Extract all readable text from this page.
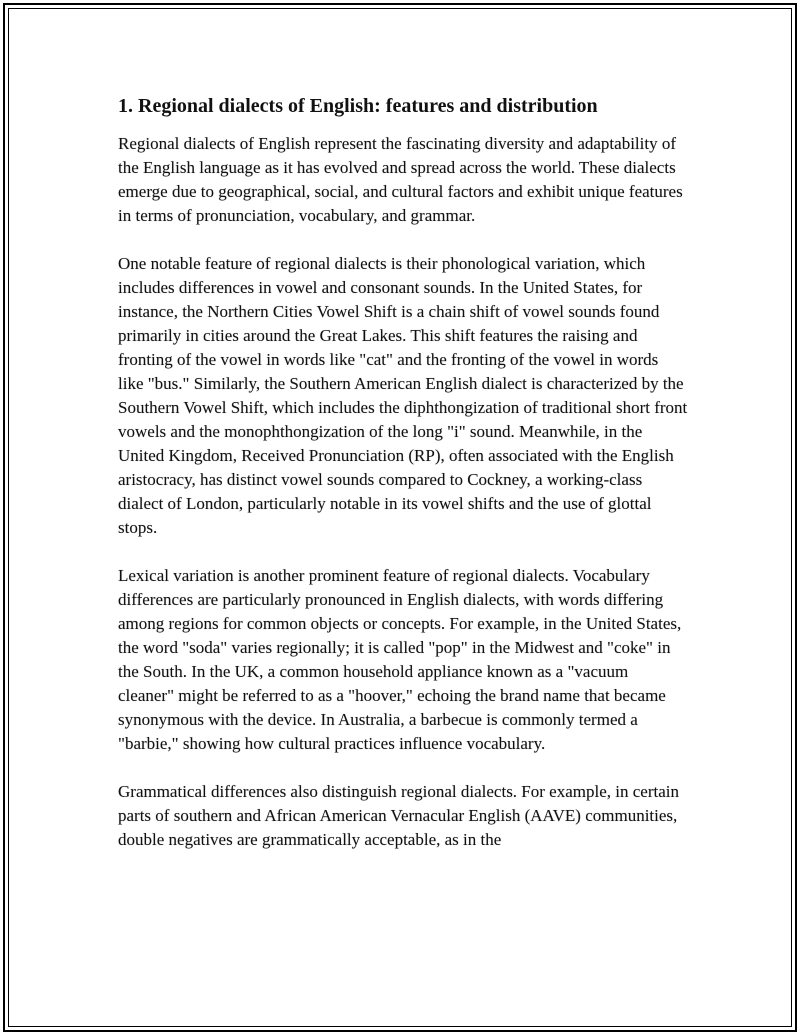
1. Regional dialects of English: features and distribution

Regional dialects of English represent the fascinating diversity and adaptability of the English language as it has evolved and spread across the world. These dialects emerge due to geographical, social, and cultural factors and exhibit unique features in terms of pronunciation, vocabulary, and grammar.

One notable feature of regional dialects is their phonological variation, which includes differences in vowel and consonant sounds. In the United States, for instance, the Northern Cities Vowel Shift is a chain shift of vowel sounds found primarily in cities around the Great Lakes. This shift features the raising and fronting of the vowel in words like "cat" and the fronting of the vowel in words like "bus." Similarly, the Southern American English dialect is characterized by the Southern Vowel Shift, which includes the diphthongization of traditional short front vowels and the monophthongization of the long "i" sound. Meanwhile, in the United Kingdom, Received Pronunciation (RP), often associated with the English aristocracy, has distinct vowel sounds compared to Cockney, a working-class dialect of London, particularly notable in its vowel shifts and the use of glottal stops.

Lexical variation is another prominent feature of regional dialects. Vocabulary differences are particularly pronounced in English dialects, with words differing among regions for common objects or concepts. For example, in the United States, the word "soda" varies regionally; it is called "pop" in the Midwest and "coke" in the South. In the UK, a common household appliance known as a "vacuum cleaner" might be referred to as a "hoover," echoing the brand name that became synonymous with the device. In Australia, a barbecue is commonly termed a "barbie," showing how cultural practices influence vocabulary.

Grammatical differences also distinguish regional dialects. For example, in certain parts of southern and African American Vernacular English (AAVE) communities, double negatives are grammatically acceptable, as in the
